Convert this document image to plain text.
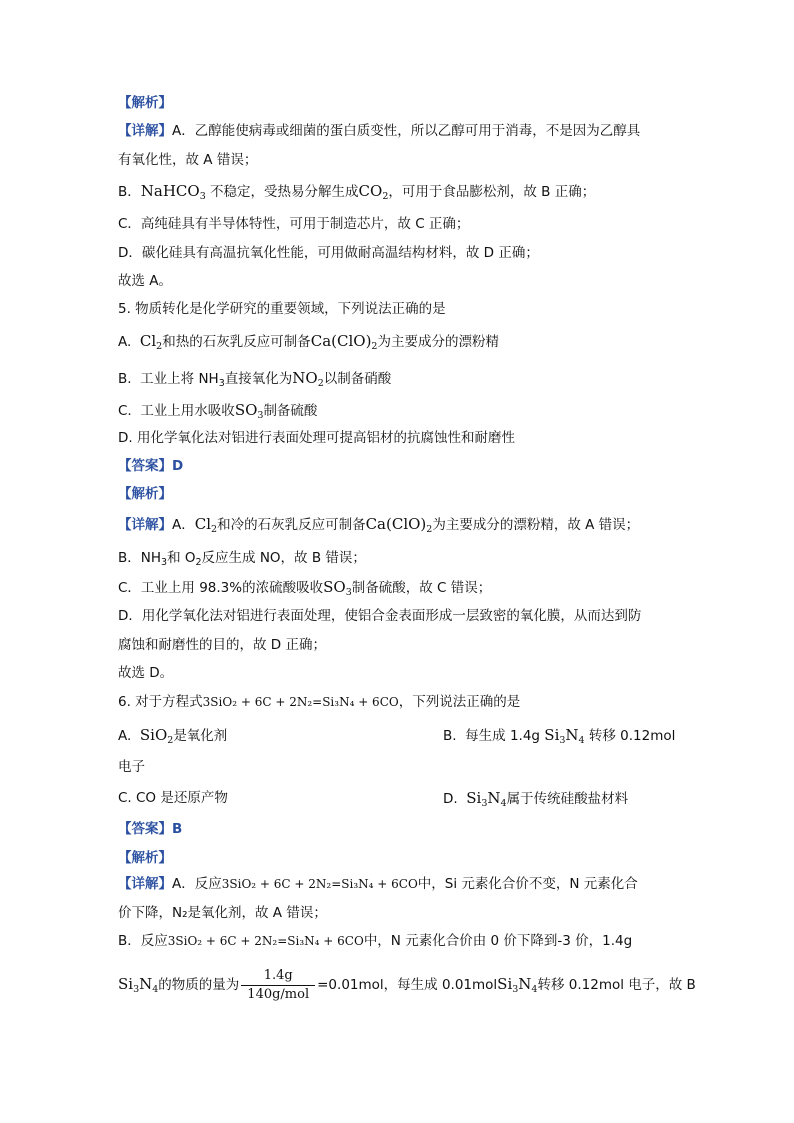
【解析】
【详解】A．乙醇能使病毒或细菌的蛋白质变性，所以乙醇可用于消毒，不是因为乙醇具
有氧化性，故 A 错误；
B．NaHCO$_3$ 不稳定，受热易分解生成$CO_2$，可用于食品膨松剂，故 B 正确；
C．高纯硅具有半导体特性，可用于制造芯片，故 C 正确；
D．碳化硅具有高温抗氧化性能，可用做耐高温结构材料，故 D 正确；
故选 A。
5. 物质转化是化学研究的重要领域，下列说法正确的是
A. $Cl_2$和热的石灰乳反应可制备$Ca(ClO)_2$为主要成分的漂粉精
B. 工业上将 $NH_3$直接氧化为$NO_2$以制备硝酸
C. 工业上用水吸收$SO_3$制备硫酸
D. 用化学氧化法对铝进行表面处理可提高铝材的抗腐蚀性和耐磨性
【答案】D
【解析】
【详解】A．$Cl_2$和冷的石灰乳反应可制备$Ca(ClO)_2$为主要成分的漂粉精，故 A 错误；
B．$NH_3$和 $O_2$反应生成 NO，故 B 错误；
C．工业上用 98.3%的浓硫酸吸收$SO_3$制备硫酸，故 C 错误；
D．用化学氧化法对铝进行表面处理，使铝合金表面形成一层致密的氧化膜，从而达到防
腐蚀和耐磨性的目的，故 D 正确；
故选 D。
6. 对于方程式3SiO₂ + 6C + 2N₂=Si₃N₄ + 6CO，下列说法正确的是
A. SiO$_2$是氧化剂	B. 每生成 1.4g $Si_3N_4$ 转移 0.12mol
电子
C. CO 是还原产物	D. $Si_3N_4$属于传统硅酸盐材料
【答案】B
【解析】
【详解】A．反应3SiO₂ + 6C + 2N₂=Si₃N₄ + 6CO中，Si 元素化合价不变，N 元素化合
价下降，N₂是氧化剂，故 A 错误；
B．反应3SiO₂ + 6C + 2N₂=Si₃N₄ + 6CO中，N 元素化合价由 0 价下降到-3 价，1.4g
$Si_3N_4$的物质的量为 $\frac{1.4g}{\text{140g/mol}} =0.01mol$，每生成 $0.01molSi_3N_4$转移 0.12mol 电子，故 B
